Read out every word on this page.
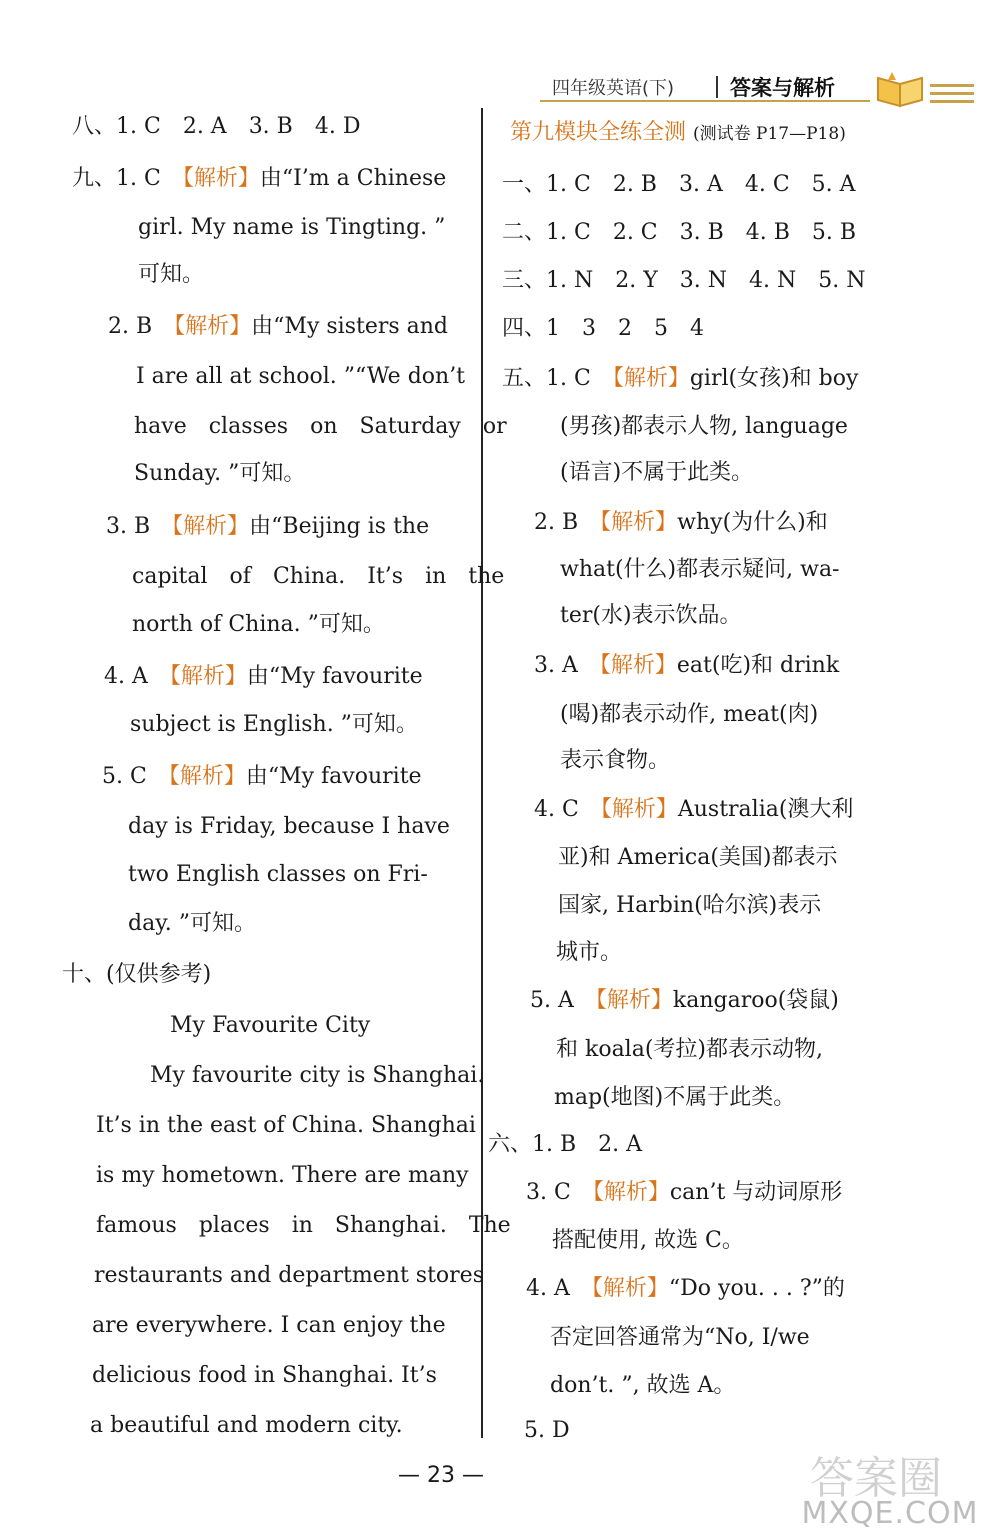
四年级英语(下)	答案与解析
八、1. C　2. A　3. B　4. D
九、1. C　【解析】由“I’m a Chinese
girl. My name is Tingting. ”
可知。
2. B　【解析】由“My sisters and
I are all at school. ”“We don’t
have　classes　on　Saturday　or
Sunday. ”可知。
3. B　【解析】由“Beijing is the
capital　of　China.　It’s　in　the
north of China. ”可知。
4. A　【解析】由“My favourite
subject is English. ”可知。
5. C　【解析】由“My favourite
day is Friday, because I have
two English classes on Fri-
day. ”可知。
十、(仅供参考)
My Favourite City
My favourite city is Shanghai.
It’s in the east of China. Shanghai
is my hometown. There are many
famous　places　in　Shanghai.　The
restaurants and department stores
are everywhere. I can enjoy the
delicious food in Shanghai. It’s
a beautiful and modern city.
第九模块全练全测 (测试卷 P17—P18)
一、1. C　2. B　3. A　4. C　5. A
二、1. C　2. C　3. B　4. B　5. B
三、1. N　2. Y　3. N　4. N　5. N
四、1　3　2　5　4
五、1. C　【解析】girl(女孩)和 boy
(男孩)都表示人物, language
(语言)不属于此类。
2. B　【解析】why(为什么)和
what(什么)都表示疑问, wa-
ter(水)表示饮品。
3. A　【解析】eat(吃)和 drink
(喝)都表示动作, meat(肉)
表示食物。
4. C　【解析】Australia(澳大利
亚)和 America(美国)都表示
国家, Harbin(哈尔滨)表示
城市。
5. A　【解析】kangaroo(袋鼠)
和 koala(考拉)都表示动物,
map(地图)不属于此类。
六、1. B　2. A
3. C　【解析】can’t 与动词原形
搭配使用, 故选 C。
4. A　【解析】“Do you. . . ?”的
否定回答通常为“No, I/we
don’t. ”, 故选 A。
5. D
— 23 —	答案圈
MXQE.COM
